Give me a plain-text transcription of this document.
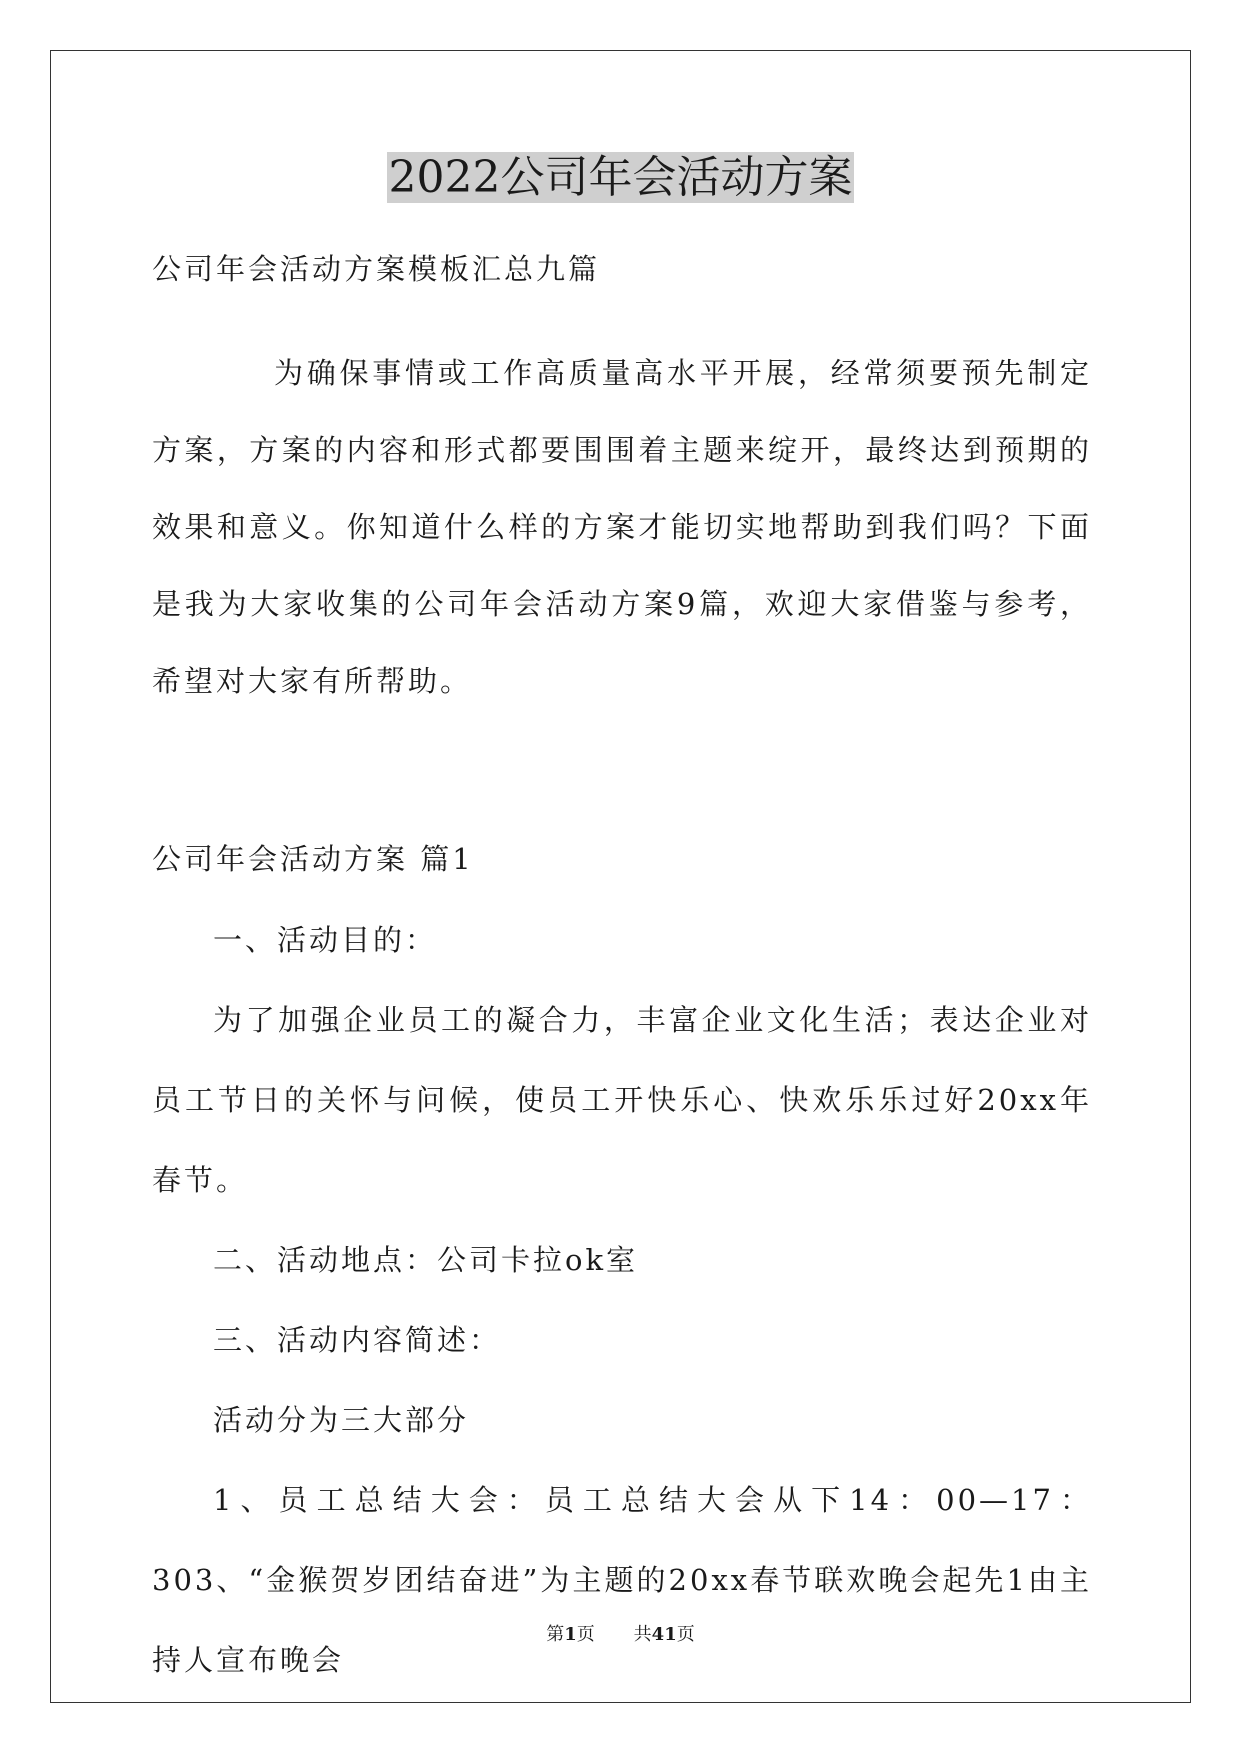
2022公司年会活动方案

公司年会活动方案模板汇总九篇

为确保事情或工作高质量高水平开展，经常须要预先制定方案，方案的内容和形式都要围围着主题来绽开，最终达到预期的效果和意义。你知道什么样的方案才能切实地帮助到我们吗？下面是我为大家收集的公司年会活动方案9篇，欢迎大家借鉴与参考，希望对大家有所帮助。

公司年会活动方案 篇1

一、活动目的：

为了加强企业员工的凝合力，丰富企业文化生活；表达企业对员工节日的关怀与问候，使员工开快乐心、快欢乐乐过好20xx年春节。

二、活动地点：公司卡拉ok室

三、活动内容简述：

活动分为三大部分

1、员工总结大会：员工总结大会从下14：00—17：303、“金猴贺岁团结奋进”为主题的20xx春节联欢晚会起先1由主持人宣布晚会

第1页 共41页
